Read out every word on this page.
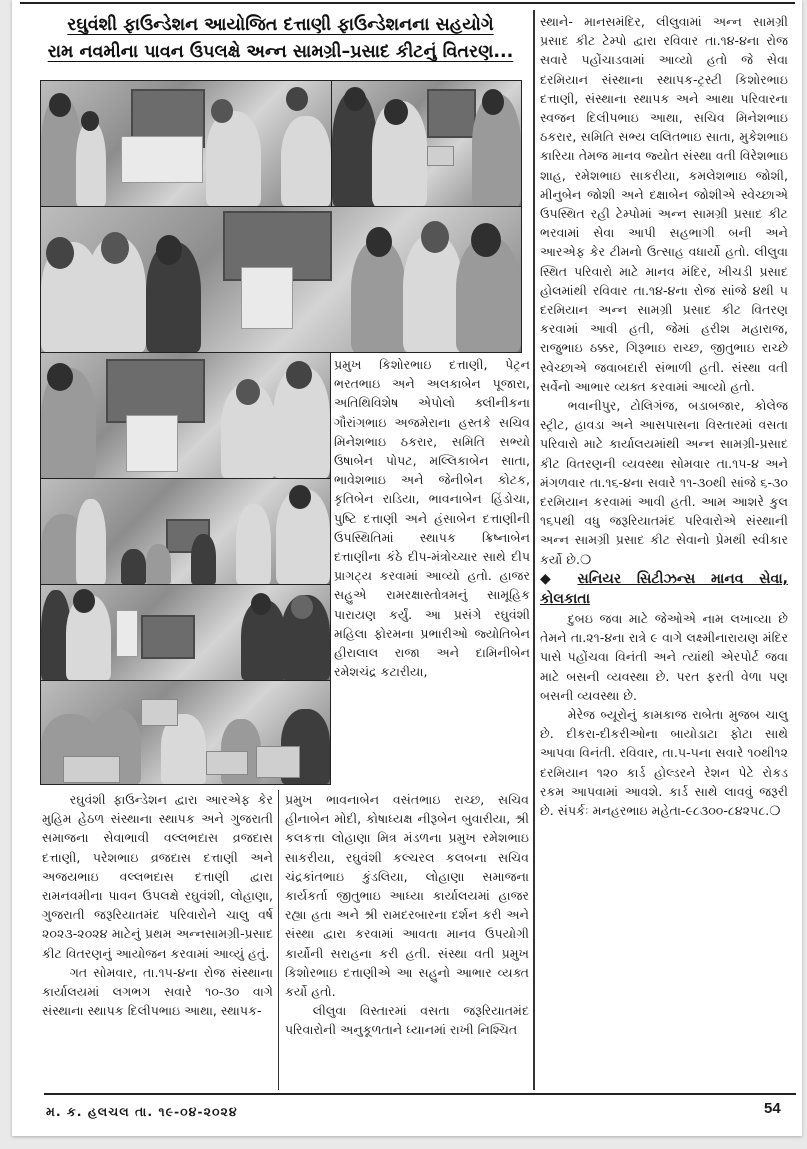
રઘુવંશી ફાઉન્ડેશન આયોજિત દત્તાણી ફાઉન્ડેશનના સહયોગે
રામ નવમીના પાવન ઉપલક્ષે અન્ન સામગ્રી–પ્રસાદ કીટનું વિતરણ...

પ્રમુખ કિશોરભાઇ દત્તાણી, પેટ્રન ભરતભાઇ અને અલકાબેન પૂજારા, અતિથિવિશેષ એપોલો ક્લીનીકના ગૌરાંગભાઇ અજમેરાના હસ્તકે સચિવ મિનેશભાઇ ઠકરાર, સમિતિ સભ્યો ઉષાબેન પોપટ, મલ્લિકાબેન સાતા, ભાવેશભાઇ અને જેનીબેન કોટક, કૃતિબેન રાડિયા, ભાવનાબેન હિંડોચા, પુષ્ટિ દત્તાણી અને હંસાબેન દત્તાણીની ઉપસ્થિતિમાં સ્થાપક ક્રિષ્નાબેન દત્તાણીના કંઠે દીપ-મંત્રોચ્ચાર સાથે દીપ પ્રાગટ્ય કરવામાં આવ્યો હતો. હાજર સહુએ રામરક્ષાસ્તોત્રમનું સામૂહિક પારાયણ કર્યું. આ પ્રસંગે રઘુવંશી મહિલા ફોરમના પ્રભારીઓ જ્યોતિબેન હીરાલાલ રાજા અને દામિનીબેન રમેશચંદ્ર કટારીયા,

રઘુવંશી ફાઉન્ડેશન દ્વારા આરએફ કેર મુહિમ હેઠળ સંસ્થાના સ્થાપક અને ગુજરાતી સમાજના સેવાભાવી વલ્લભદાસ વ્રજદાસ દત્તાણી, પરેશભાઇ વ્રજદાસ દત્તાણી અને અજયભાઇ વલ્લભદાસ દત્તાણી દ્વારા રામનવમીના પાવન ઉપલક્ષે રઘુવંશી, લોહાણા, ગુજરાતી જરૂરિયાતમંદ પરિવારોને ચાલુ વર્ષ ૨૦૨૩-૨૦૨૪ માટેનું પ્રથમ અન્નસામગ્રી-પ્રસાદ કીટ વિતરણનું આયોજન કરવામાં આવ્યું હતું.

ગત સોમવાર, તા.૧૫-૪ના રોજ સંસ્થાના કાર્યાલયમાં લગભગ સવારે ૧૦-૩૦ વાગે સંસ્થાના સ્થાપક દિલીપભાઇ આથા, સ્થાપક-

પ્રમુખ ભાવનાબેન વસંતભાઇ રાચ્છ, સચિવ હીનાબેન મોદી, કોષાધ્યક્ષ નીરૂબેન બુવારીયા, શ્રી કલકત્તા લોહાણા મિત્ર મંડળના પ્રમુખ રમેશભાઇ સાકરીયા, રઘુવંશી કલ્ચરલ કલબના સચિવ ચંદ્રકાંતભાઇ કુંડલિયા, લોહાણા સમાજના કાર્યકર્તા જીતુભાઇ આધ્યા કાર્યાલયમાં હાજર રહ્યા હતા અને શ્રી રામદરબારના દર્શન કરી અને સંસ્થા દ્વારા કરવામાં આવતા માનવ ઉપયોગી કાર્યોની સરાહના કરી હતી. સંસ્થા વતી પ્રમુખ કિશોરભાઇ દત્તાણીએ આ સહુનો આભાર વ્યક્ત કર્યો હતો.

લીલુવા વિસ્તારમાં વસતા જરૂરિયાતમંદ પરિવારોની અનુકૂળતાને ધ્યાનમાં રાખી નિશ્ચિત

સ્થાને- માનસમંદિર, લીલુવામાં અન્ન સામગ્રી પ્રસાદ કીટ ટેમ્પો દ્વારા રવિવાર તા.૧૪-૪ના રોજ સવારે પહોંચાડવામાં આવ્યો હતો જે સેવા દરમિયાન સંસ્થાના સ્થાપક-ટ્રસ્ટી કિશોરભાઇ દત્તાણી, સંસ્થાના સ્થાપક અને આથા પરિવારના સ્વજન દિલીપભાઇ આથા, સચિવ મિનેશભાઇ ઠકરાર, સમિતિ સભ્ય લલિતભાઇ સાતા, મુકેશભાઇ કારિયા તેમજ માનવ જ્યોત સંસ્થા વતી વિરેશભાઇ શાહ, રમેશભાઇ સાકરીયા, કમલેશભાઇ જોશી, મીનુબેન જોશી અને દક્ષાબેન જોશીએ સ્વેચ્છાએ ઉપસ્થિત રહી ટેમ્પોમાં અન્ન સામગ્રી પ્રસાદ કીટ ભરવામાં સેવા આપી સહભાગી બની અને આરએફ કેર ટીમનો ઉત્સાહ વધાર્યો હતો. લીલુવા સ્થિત પરિવારો માટે માનવ મંદિર, ખીચડી પ્રસાદ હોલમાંથી રવિવાર તા.૧૪-૪ના રોજ સાંજે ૪થી ૫ દરમિયાન અન્ન સામગ્રી પ્રસાદ કીટ વિતરણ કરવામાં આવી હતી, જેમાં હરીશ મહારાજ, રાજુભાઇ ઠક્કર, ગિરૂભાઇ રાચ્છ, જીતુભાઇ રાચ્છે સ્વેચ્છાએ જવાબદારી સંભાળી હતી. સંસ્થા વતી સર્વેનો આભાર વ્યક્ત કરવામાં આવ્યો હતો.

ભવાનીપુર, ટોલિગંજ, બડાબજાર, કોલેજ સ્ટ્રીટ, હાવડા અને આસપાસના વિસ્તારમાં વસતા પરિવારો માટે કાર્યાલયમાંથી અન્ન સામગ્રી-પ્રસાદ કીટ વિતરણની વ્યવસ્થા સોમવાર તા.૧૫-૪ અને મંગળવાર તા.૧૬-૪ના સવારે ૧૧-૩૦થી સાંજે ૬-૩૦ દરમિયાન કરવામાં આવી હતી. આમ આશરે કુલ ૧૬૫થી વધુ જરૂરિયાતમંદ પરિવારોએ સંસ્થાની અન્ન સામગ્રી પ્રસાદ કીટ સેવાનો પ્રેમથી સ્વીકાર કર્યો છે.❍

◆ સનિયર સિટીઝન્સ માનવ સેવા, કોલકાતા

દુબઇ જવા માટે જેઓએ નામ લખાવ્યા છે તેમને તા.૨૧-૪ના રાત્રે ૯ વાગે લક્ષ્મીનારાયણ મંદિર પાસે પહોંચવા વિનંતી અને ત્યાંથી એરપોર્ટ જવા માટે બસની વ્યવસ્થા છે. પરત ફરતી વેળા પણ બસની વ્યવસ્થા છે.

મેરેજ બ્યૂરોનું કામકાજ રાબેતા મુજબ ચાલુ છે. દીકરા-દીકરીઓના બાયોડાટા ફોટા સાથે આપવા વિનંતી. રવિવાર, તા.૫-૫ના સવારે ૧૦થી૧૨ દરમિયાન ૧૨૦ કાર્ડ હોલ્ડરને રેશન પેટે રોકડ રકમ આપવામાં આવશે. કાર્ડ સાથે લાવવું જરૂરી છે. સંપર્કઃ મનહરભાઇ મહેતા-૯૮૩૦૦-૮૪૨૫૮.❍

મ. ક. હલચલ તા. ૧૯-૦૪-૨૦૨૪	54
